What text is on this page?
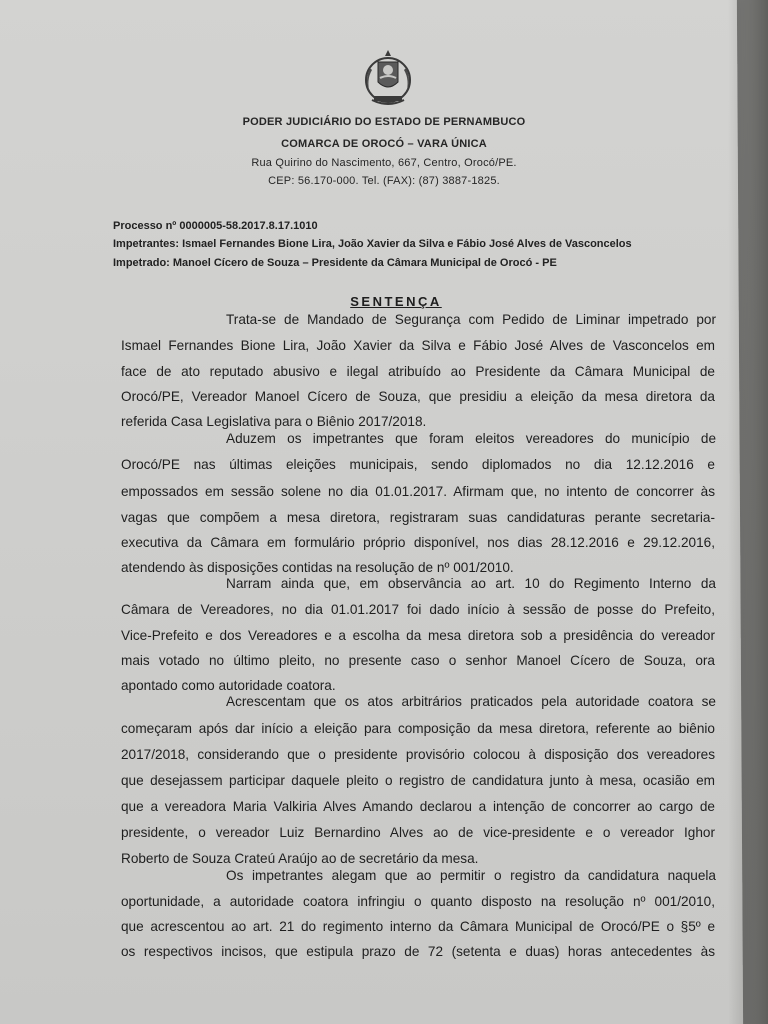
PODER JUDICIÁRIO DO ESTADO DE PERNAMBUCO
COMARCA DE OROCÓ – VARA ÚNICA
Rua Quirino do Nascimento, 667, Centro, Orocó/PE.
CEP: 56.170-000. Tel. (FAX): (87) 3887-1825.
Processo nº 0000005-58.2017.8.17.1010
Impetrantes: Ismael Fernandes Bione Lira, João Xavier da Silva e Fábio José Alves de Vasconcelos
Impetrado: Manoel Cícero de Souza – Presidente da Câmara Municipal de Orocó - PE
SENTENÇA
Trata-se de Mandado de Segurança com Pedido de Liminar impetrado por
Ismael Fernandes Bione Lira, João Xavier da Silva e Fábio José Alves de Vasconcelos em
face de ato reputado abusivo e ilegal atribuído ao Presidente da Câmara Municipal de
Orocó/PE, Vereador Manoel Cícero de Souza, que presidiu a eleição da mesa diretora da
referida Casa Legislativa para o Biênio 2017/2018.
Aduzem os impetrantes que foram eleitos vereadores do município de
Orocó/PE nas últimas eleições municipais, sendo diplomados no dia 12.12.2016 e
empossados em sessão solene no dia 01.01.2017. Afirmam que, no intento de concorrer às
vagas que compõem a mesa diretora, registraram suas candidaturas perante secretaria-
executiva da Câmara em formulário próprio disponível, nos dias 28.12.2016 e 29.12.2016,
atendendo às disposições contidas na resolução de nº 001/2010.
Narram ainda que, em observância ao art. 10 do Regimento Interno da
Câmara de Vereadores, no dia 01.01.2017 foi dado início à sessão de posse do Prefeito,
Vice-Prefeito e dos Vereadores e a escolha da mesa diretora sob a presidência do vereador
mais votado no último pleito, no presente caso o senhor Manoel Cícero de Souza, ora
apontado como autoridade coatora.
Acrescentam que os atos arbitrários praticados pela autoridade coatora se
começaram após dar início a eleição para composição da mesa diretora, referente ao biênio
2017/2018, considerando que o presidente provisório colocou à disposição dos vereadores
que desejassem participar daquele pleito o registro de candidatura junto à mesa, ocasião em
que a vereadora Maria Valkiria Alves Amando declarou a intenção de concorrer ao cargo de
presidente, o vereador Luiz Bernardino Alves ao de vice-presidente e o vereador Ighor
Roberto de Souza Crateú Araújo ao de secretário da mesa.
Os impetrantes alegam que ao permitir o registro da candidatura naquela
oportunidade, a autoridade coatora infringiu o quanto disposto na resolução nº 001/2010,
que acrescentou ao art. 21 do regimento interno da Câmara Municipal de Orocó/PE o §5º e
os respectivos incisos, que estipula prazo de 72 (setenta e duas) horas antecedentes às
